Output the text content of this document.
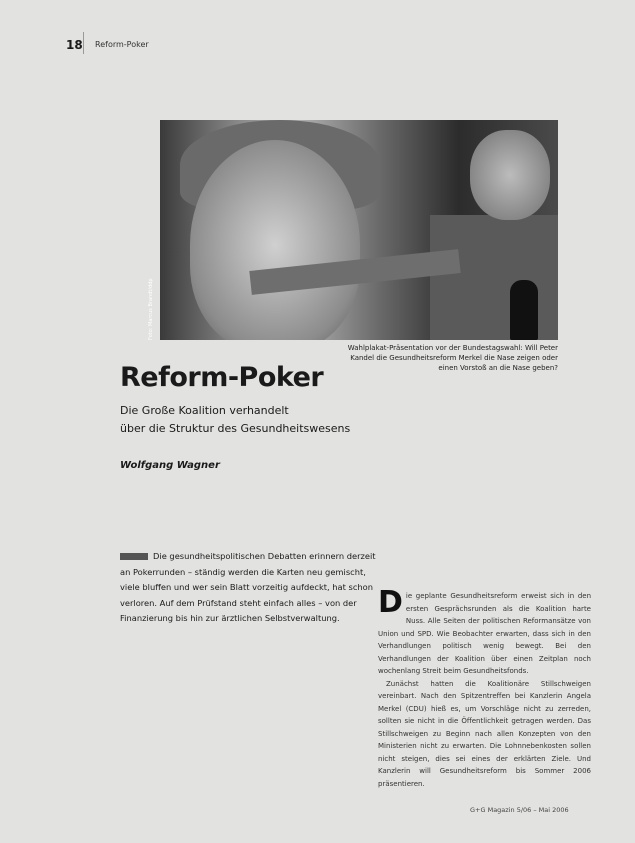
18 Reform-Poker
Foto: Marcus Brandt/ddp
Wahlplakat-Präsentation vor der Bundestagswahl: Will Peter Kandel die Gesundheitsreform Merkel die Nase zeigen oder einen Vorstoß an die Nase geben?
Reform-Poker
Die Große Koalition verhandelt
über die Struktur des Gesundheitswesens
Wolfgang Wagner
Die gesundheitspolitischen Debatten erinnern derzeit an Pokerrunden – ständig werden die Karten neu gemischt, viele bluffen und wer sein Blatt vorzeitig aufdeckt, hat schon verloren. Auf dem Prüfstand steht einfach alles – von der Finanzierung bis hin zur ärztlichen Selbstverwaltung.	Die geplante Gesundheitsreform erweist sich in den ersten Gesprächsrunden als die Koalition harte Nuss. Alle Seiten der politischen Reformansätze von Union und SPD. Wie Beobachter erwarten, dass sich in den Verhandlungen politisch wenig bewegt. Bei den Verhandlungen der Koalition über einen Zeitplan noch wochenlang Streit beim Gesundheitsfonds.

Zunächst hatten die Koalitionäre Stillschweigen vereinbart. Nach den Spitzentreffen bei Kanzlerin Angela Merkel (CDU) hieß es, um Vorschläge nicht zu zerreden, sollten sie nicht in die Öffentlichkeit getragen werden. Das Stillschweigen zu Beginn nach allen Konzepten von den Ministerien nicht zu erwarten. Die Lohnnebenkosten sollen nicht steigen, dies sei eines der erklärten Ziele. Und Kanzlerin will Gesundheitsreform bis Sommer 2006 präsentieren.

G+G Magazin 5/06 – Mai 2006
